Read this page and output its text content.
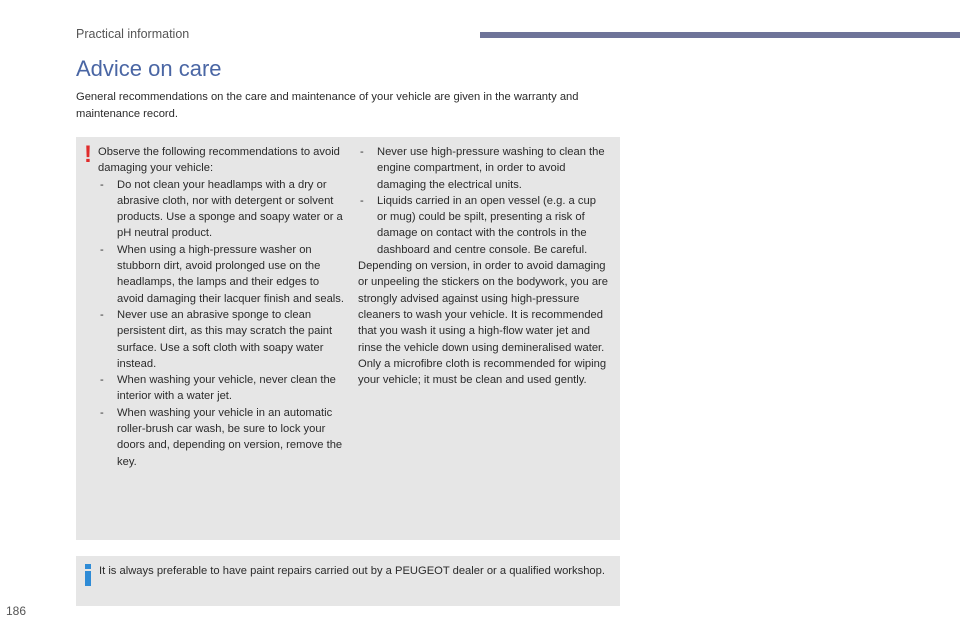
Practical information
Advice on care

General recommendations on the care and maintenance of your vehicle are given in the warranty and maintenance record.

! Observe the following recommendations to avoid damaging your vehicle:

- Do not clean your headlamps with a dry or abrasive cloth, nor with detergent or solvent products. Use a sponge and soapy water or a pH neutral product.
- When using a high-pressure washer on stubborn dirt, avoid prolonged use on the headlamps, the lamps and their edges to avoid damaging their lacquer finish and seals.
- Never use an abrasive sponge to clean persistent dirt, as this may scratch the paint surface. Use a soft cloth with soapy water instead.
- When washing your vehicle, never clean the interior with a water jet.
- When washing your vehicle in an automatic roller-brush car wash, be sure to lock your doors and, depending on version, remove the key.
- Never use high-pressure washing to clean the engine compartment, in order to avoid damaging the electrical units.
- Liquids carried in an open vessel (e.g. a cup or mug) could be spilt, presenting a risk of damage on contact with the controls in the dashboard and centre console. Be careful.

Depending on version, in order to avoid damaging or unpeeling the stickers on the bodywork, you are strongly advised against using high-pressure cleaners to wash your vehicle. It is recommended that you wash it using a high-flow water jet and rinse the vehicle down using demineralised water. Only a microfibre cloth is recommended for wiping your vehicle; it must be clean and used gently.

It is always preferable to have paint repairs carried out by a PEUGEOT dealer or a qualified workshop.

186
